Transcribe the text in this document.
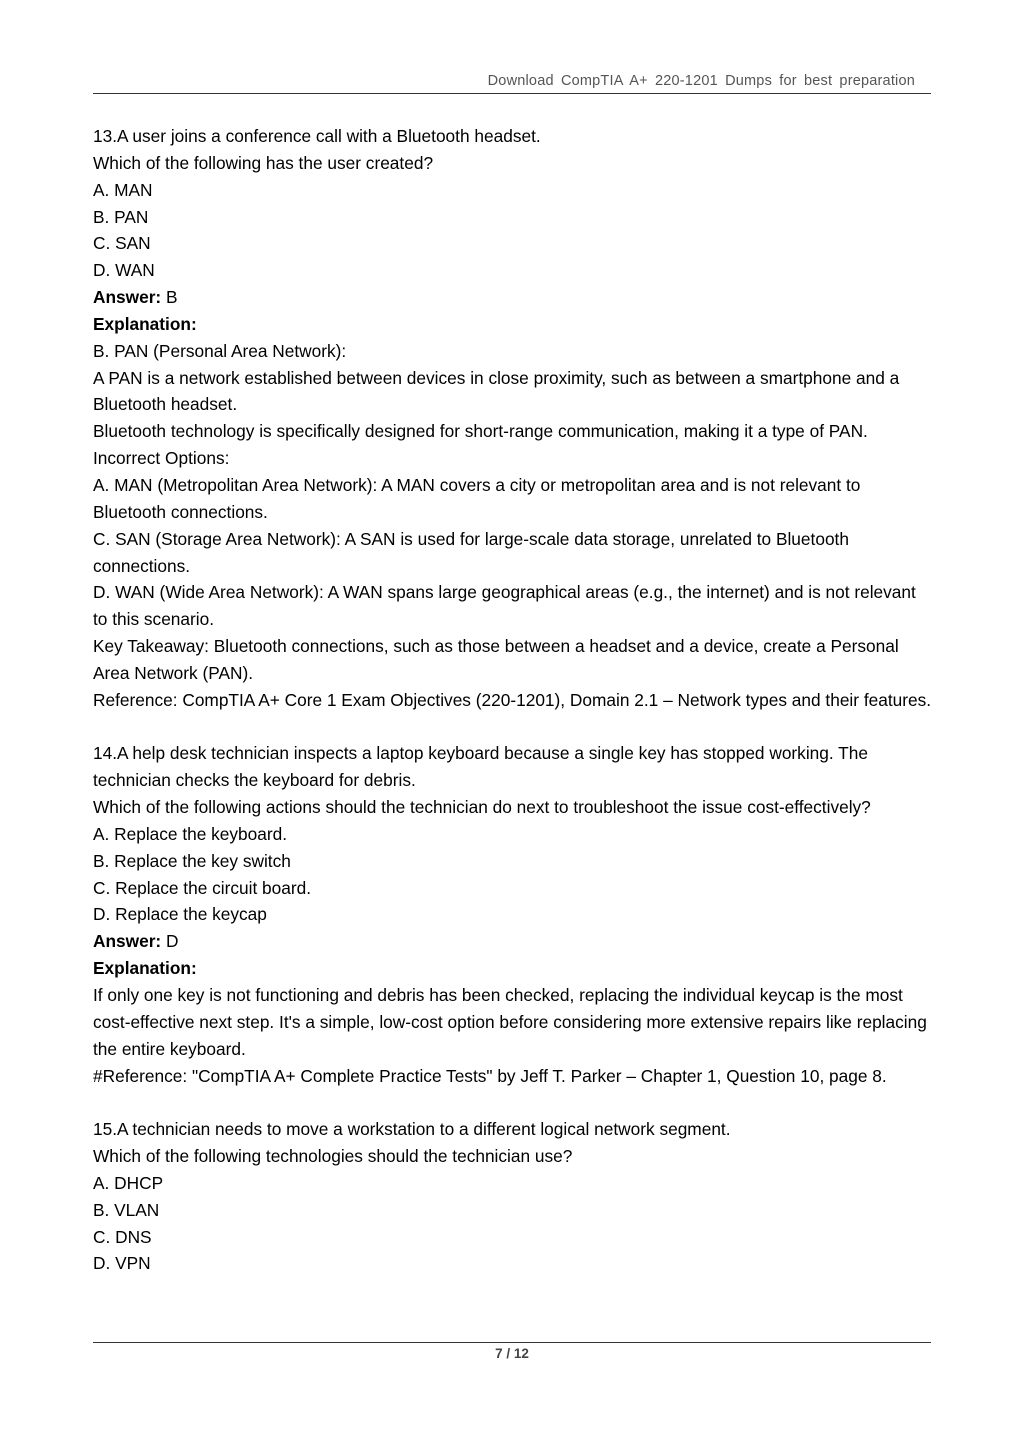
Download CompTIA A+ 220-1201 Dumps for best preparation

13.A user joins a conference call with a Bluetooth headset.

Which of the following has the user created?

A. MAN

B. PAN

C. SAN

D. WAN

Answer: B

Explanation:

B. PAN (Personal Area Network):

A PAN is a network established between devices in close proximity, such as between a smartphone and a Bluetooth headset.

Bluetooth technology is specifically designed for short-range communication, making it a type of PAN.

Incorrect Options:

A. MAN (Metropolitan Area Network): A MAN covers a city or metropolitan area and is not relevant to Bluetooth connections.

C. SAN (Storage Area Network): A SAN is used for large-scale data storage, unrelated to Bluetooth connections.

D. WAN (Wide Area Network): A WAN spans large geographical areas (e.g., the internet) and is not relevant to this scenario.

Key Takeaway: Bluetooth connections, such as those between a headset and a device, create a Personal Area Network (PAN).

Reference: CompTIA A+ Core 1 Exam Objectives (220-1201), Domain 2.1 – Network types and their features.

14.A help desk technician inspects a laptop keyboard because a single key has stopped working. The technician checks the keyboard for debris.

Which of the following actions should the technician do next to troubleshoot the issue cost-effectively?

A. Replace the keyboard.

B. Replace the key switch

C. Replace the circuit board.

D. Replace the keycap

Answer: D

Explanation:

If only one key is not functioning and debris has been checked, replacing the individual keycap is the most cost-effective next step. It's a simple, low-cost option before considering more extensive repairs like replacing the entire keyboard.

#Reference: "CompTIA A+ Complete Practice Tests" by Jeff T. Parker – Chapter 1, Question 10, page 8.

15.A technician needs to move a workstation to a different logical network segment.

Which of the following technologies should the technician use?

A. DHCP

B. VLAN

C. DNS

D. VPN

7 / 12
